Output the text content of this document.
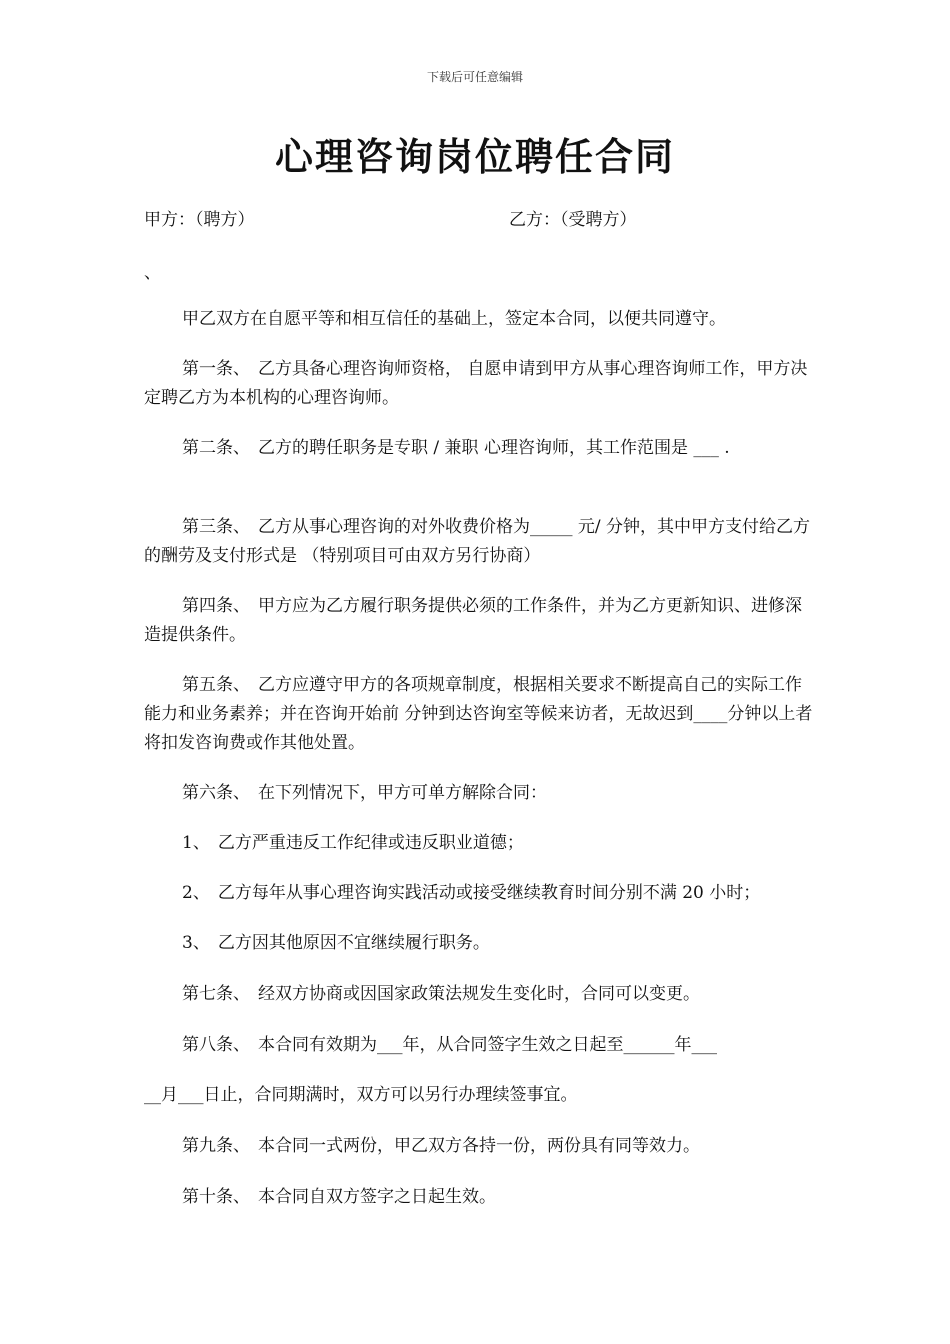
下载后可任意编辑
心理咨询岗位聘任合同
甲方：（聘方）	乙方：（受聘方）
、
甲乙双方在自愿平等和相互信任的基础上，签定本合同，以便共同遵守。
第一条、 乙方具备心理咨询师资格， 自愿申请到甲方从事心理咨询师工作，甲方决定聘乙方为本机构的心理咨询师。
第二条、 乙方的聘任职务是专职 / 兼职 心理咨询师，其工作范围是 ___ .
第三条、 乙方从事心理咨询的对外收费价格为_____ 元/ 分钟，其中甲方支付给乙方的酬劳及支付形式是 （特别项目可由双方另行协商）
第四条、 甲方应为乙方履行职务提供必须的工作条件，并为乙方更新知识、进修深造提供条件。
第五条、 乙方应遵守甲方的各项规章制度，根据相关要求不断提高自己的实际工作能力和业务素养；并在咨询开始前 分钟到达咨询室等候来访者，无故迟到____分钟以上者将扣发咨询费或作其他处置。
第六条、 在下列情况下，甲方可单方解除合同：
1、 乙方严重违反工作纪律或违反职业道德；
2、 乙方每年从事心理咨询实践活动或接受继续教育时间分别不满 20 小时；
3、 乙方因其他原因不宜继续履行职务。
第七条、 经双方协商或因国家政策法规发生变化时，合同可以变更。
第八条、 本合同有效期为___年，从合同签字生效之日起至______年___
__月___日止，合同期满时，双方可以另行办理续签事宜。
第九条、 本合同一式两份，甲乙双方各持一份，两份具有同等效力。
第十条、 本合同自双方签字之日起生效。
